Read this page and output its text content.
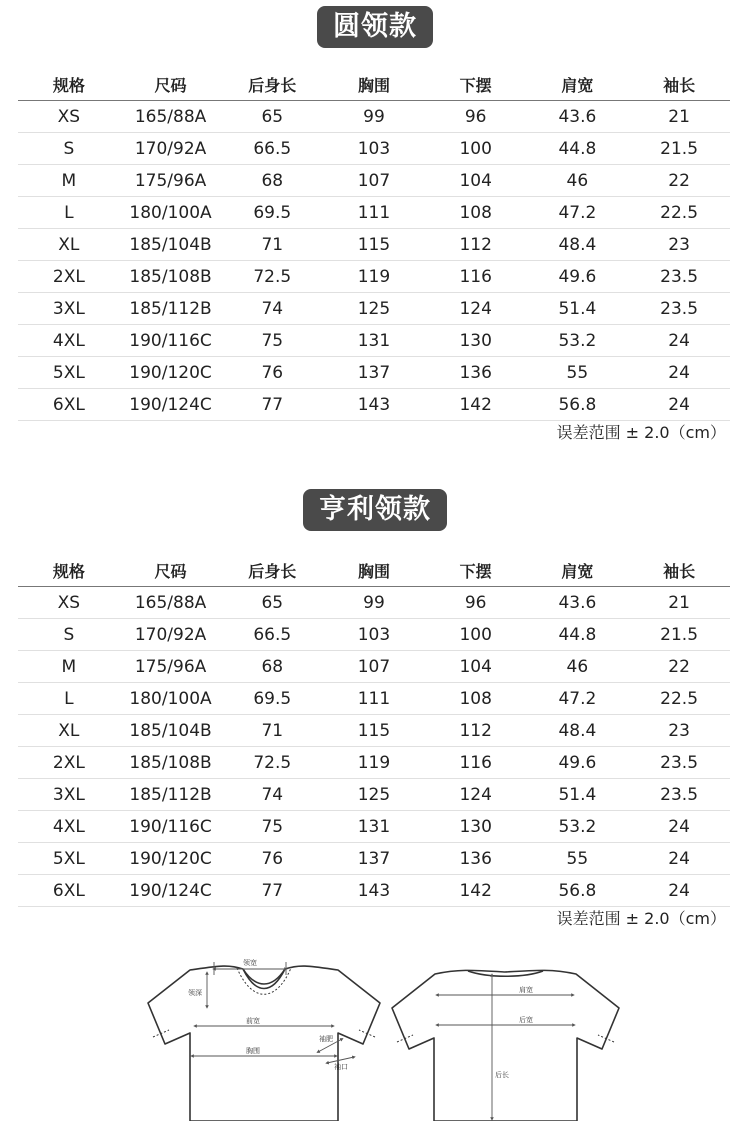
圆领款
规格	尺码	后身长	胸围	下摆	肩宽	袖长
XS	165/88A	65	99	96	43.6	21
S	170/92A	66.5	103	100	44.8	21.5
M	175/96A	68	107	104	46	22
L	180/100A	69.5	111	108	47.2	22.5
XL	185/104B	71	115	112	48.4	23
2XL	185/108B	72.5	119	116	49.6	23.5
3XL	185/112B	74	125	124	51.4	23.5
4XL	190/116C	75	131	130	53.2	24
5XL	190/120C	76	137	136	55	24
6XL	190/124C	77	143	142	56.8	24
误差范围 ± 2.0（cm）
亨利领款
规格	尺码	后身长	胸围	下摆	肩宽	袖长
XS	165/88A	65	99	96	43.6	21
S	170/92A	66.5	103	100	44.8	21.5
M	175/96A	68	107	104	46	22
L	180/100A	69.5	111	108	47.2	22.5
XL	185/104B	71	115	112	48.4	23
2XL	185/108B	72.5	119	116	49.6	23.5
3XL	185/112B	74	125	124	51.4	23.5
4XL	190/116C	75	131	130	53.2	24
5XL	190/120C	76	137	136	55	24
6XL	190/124C	77	143	142	56.8	24
误差范围 ± 2.0（cm）
领宽
领深
前宽
胸围
袖肥
袖口
肩宽
后宽
后长
